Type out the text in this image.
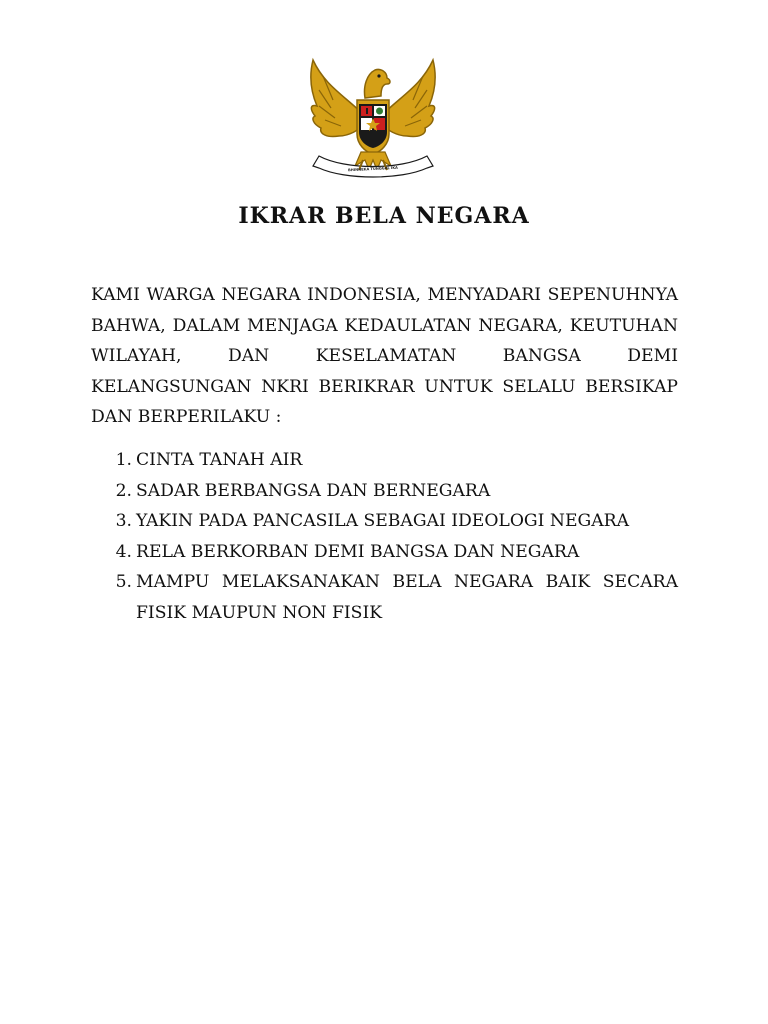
BHINNEKA TUNGGAL IKA
IKRAR BELA NEGARA

KAMI WARGA NEGARA INDONESIA, MENYADARI SEPENUHNYA BAHWA, DALAM MENJAGA KEDAULATAN NEGARA, KEUTUHAN WILAYAH, DAN KESELAMATAN BANGSA DEMI KELANGSUNGAN NKRI BERIKRAR UNTUK SELALU BERSIKAP DAN BERPERILAKU :

1. CINTA TANAH AIR
2. SADAR BERBANGSA DAN BERNEGARA
3. YAKIN PADA PANCASILA SEBAGAI IDEOLOGI NEGARA
4. RELA BERKORBAN DEMI BANGSA DAN NEGARA
5. MAMPU MELAKSANAKAN BELA NEGARA BAIK SECARA FISIK MAUPUN NON FISIK
